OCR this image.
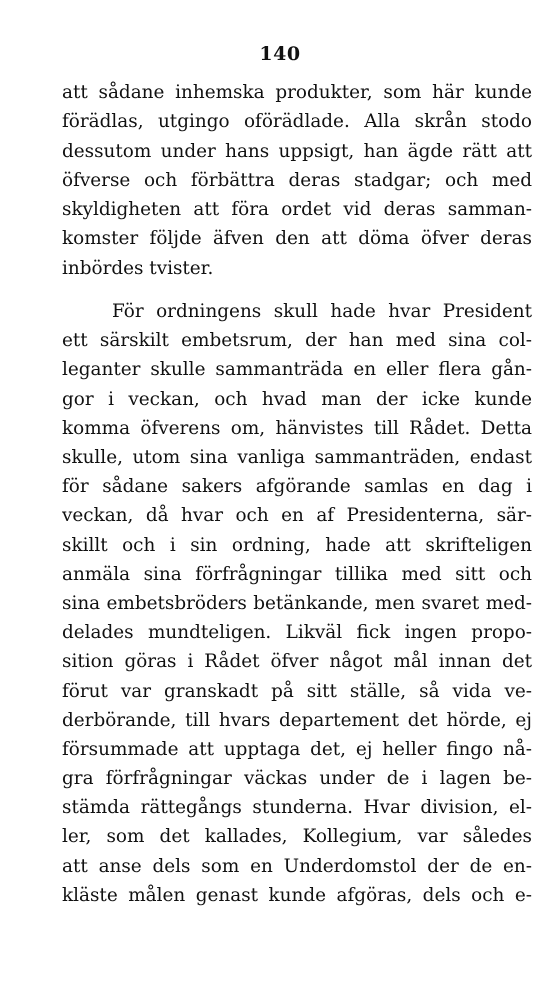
140
att sådane inhemska produkter, som här kunde
förädlas, utgingo oförädlade. Alla skrån stodo
dessutom under hans uppsigt, han ägde rätt att
öfverse och förbättra deras stadgar; och med
skyldigheten att föra ordet vid deras samman-
komster följde äfven den att döma öfver deras
inbördes tvister.
För ordningens skull hade hvar President
ett särskilt embetsrum, der han med sina col-
leganter skulle sammanträda en eller flera gån-
gor i veckan, och hvad man der icke kunde
komma öfverens om, hänvistes till Rådet. Detta
skulle, utom sina vanliga sammanträden, endast
för sådane sakers afgörande samlas en dag i
veckan, då hvar och en af Presidenterna, sär-
skillt och i sin ordning, hade att skrifteligen
anmäla sina förfrågningar tillika med sitt och
sina embetsbröders betänkande, men svaret med-
delades mundteligen. Likväl fick ingen propo-
sition göras i Rådet öfver något mål innan det
förut var granskadt på sitt ställe, så vida ve-
derbörande, till hvars departement det hörde, ej
försummade att upptaga det, ej heller fingo nå-
gra förfrågningar väckas under de i lagen be-
stämda rättegångs stunderna. Hvar division, el-
ler, som det kallades, Kollegium, var således
att anse dels som en Underdomstol der de en-
kläste målen genast kunde afgöras, dels och e-
